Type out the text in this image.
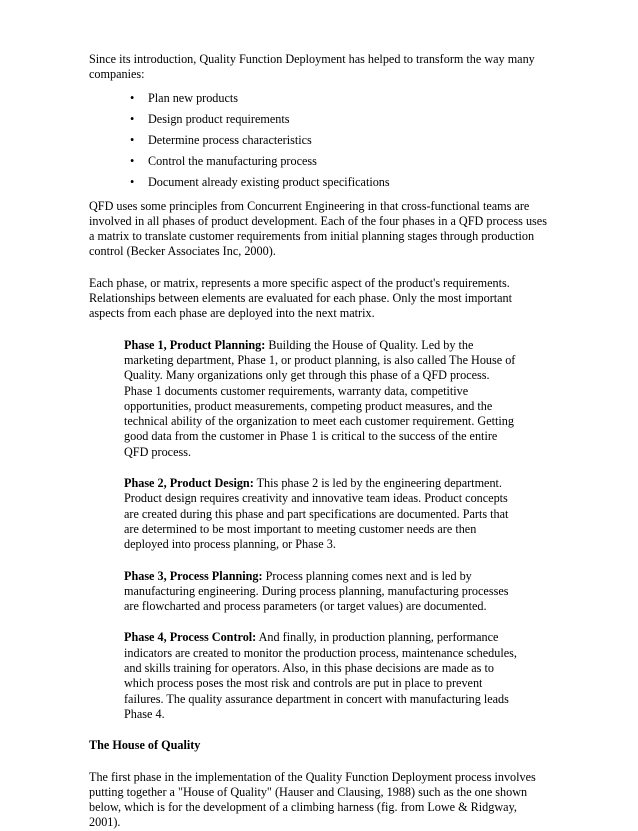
Since its introduction, Quality Function Deployment has helped to transform the way many companies:

• Plan new products
• Design product requirements
• Determine process characteristics
• Control the manufacturing process
• Document already existing product specifications

QFD uses some principles from Concurrent Engineering in that cross-functional teams are involved in all phases of product development. Each of the four phases in a QFD process uses a matrix to translate customer requirements from initial planning stages through production control (Becker Associates Inc, 2000).

Each phase, or matrix, represents a more specific aspect of the product's requirements. Relationships between elements are evaluated for each phase. Only the most important aspects from each phase are deployed into the next matrix.

Phase 1, Product Planning: Building the House of Quality. Led by the marketing department, Phase 1, or product planning, is also called The House of Quality. Many organizations only get through this phase of a QFD process. Phase 1 documents customer requirements, warranty data, competitive opportunities, product measurements, competing product measures, and the technical ability of the organization to meet each customer requirement. Getting good data from the customer in Phase 1 is critical to the success of the entire QFD process.
Phase 2, Product Design: This phase 2 is led by the engineering department. Product design requires creativity and innovative team ideas. Product concepts are created during this phase and part specifications are documented. Parts that are determined to be most important to meeting customer needs are then deployed into process planning, or Phase 3.
Phase 3, Process Planning: Process planning comes next and is led by manufacturing engineering. During process planning, manufacturing processes are flowcharted and process parameters (or target values) are documented.
Phase 4, Process Control: And finally, in production planning, performance indicators are created to monitor the production process, maintenance schedules, and skills training for operators. Also, in this phase decisions are made as to which process poses the most risk and controls are put in place to prevent failures. The quality assurance department in concert with manufacturing leads Phase 4.

The House of Quality

The first phase in the implementation of the Quality Function Deployment process involves putting together a "House of Quality" (Hauser and Clausing, 1988) such as the one shown below, which is for the development of a climbing harness (fig. from Lowe & Ridgway, 2001).
